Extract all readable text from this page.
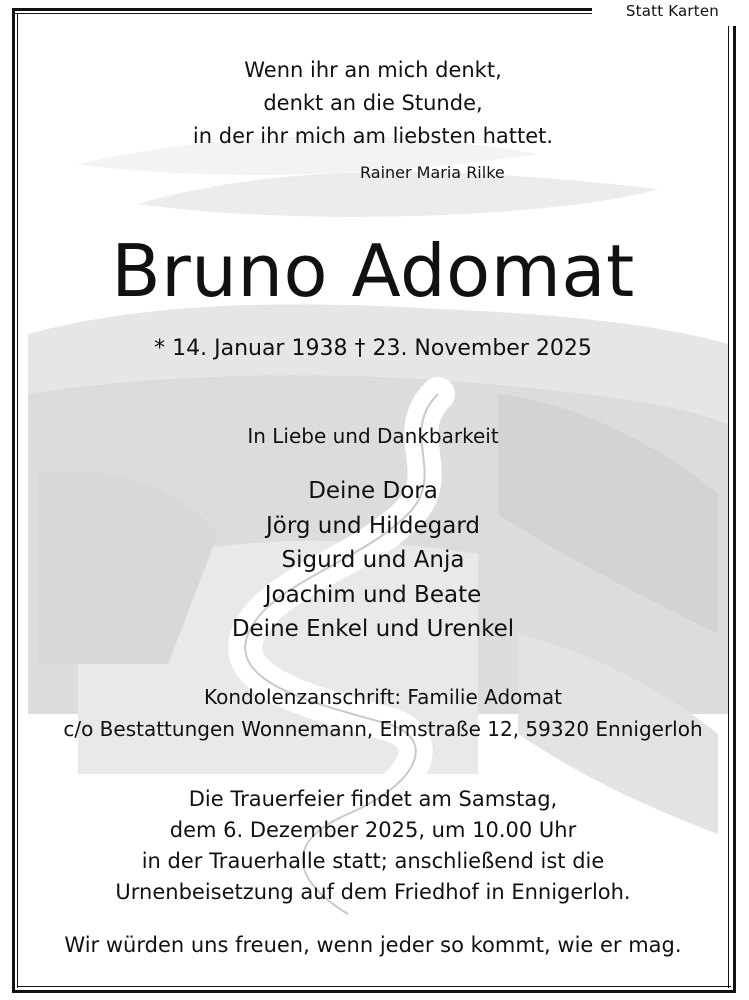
Statt Karten
Wenn ihr an mich denkt,
denkt an die Stunde,
in der ihr mich am liebsten hattet.
Rainer Maria Rilke
Bruno Adomat
* 14. Januar 1938 † 23. November 2025
In Liebe und Dankbarkeit
Deine Dora
Jörg und Hildegard
Sigurd und Anja
Joachim und Beate
Deine Enkel und Urenkel
Kondolenzanschrift: Familie Adomat
c/o Bestattungen Wonnemann, Elmstraße 12, 59320 Ennigerloh
Die Trauerfeier findet am Samstag,
dem 6. Dezember 2025, um 10.00 Uhr
in der Trauerhalle statt; anschließend ist die
Urnenbeisetzung auf dem Friedhof in Ennigerloh.
Wir würden uns freuen, wenn jeder so kommt, wie er mag.
